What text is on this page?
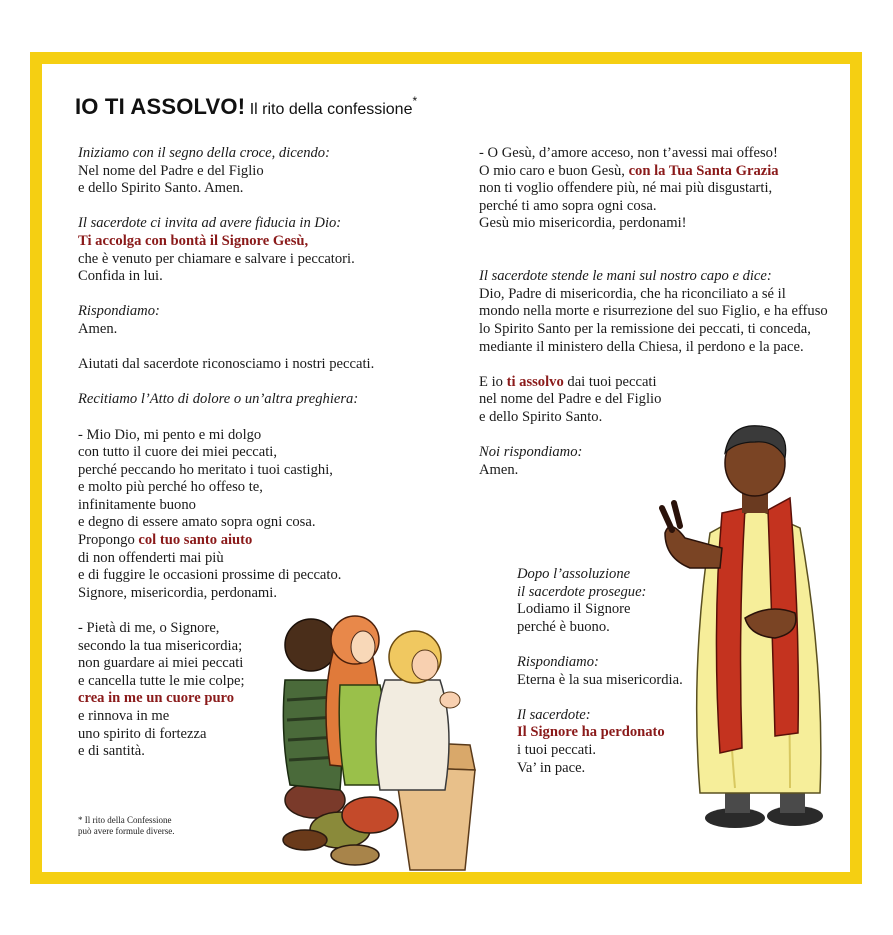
IO TI ASSOLVO! Il rito della confessione*
Iniziamo con il segno della croce, dicendo:
Nel nome del Padre e del Figlio
e dello Spirito Santo. Amen.
Il sacerdote ci invita ad avere fiducia in Dio:
Ti accolga con bontà il Signore Gesù,
che è venuto per chiamare e salvare i peccatori.
Confida in lui.
Rispondiamo:
Amen.
Aiutati dal sacerdote riconosciamo i nostri peccati.
Recitiamo l’Atto di dolore o un’altra preghiera:
- Mio Dio, mi pento e mi dolgo
con tutto il cuore dei miei peccati,
perché peccando ho meritato i tuoi castighi,
e molto più perché ho offeso te,
infinitamente buono
e degno di essere amato sopra ogni cosa.
Propongo col tuo santo aiuto
di non offenderti mai più
e di fuggire le occasioni prossime di peccato.
Signore, misericordia, perdonami.
- Pietà di me, o Signore,
secondo la tua misericordia;
non guardare ai miei peccati
e cancella tutte le mie colpe;
crea in me un cuore puro
e rinnova in me
uno spirito di fortezza
e di santità.
* Il rito della Confessione
può avere formule diverse.
- O Gesù, d’amore acceso, non t’avessi mai offeso!
O mio caro e buon Gesù, con la Tua Santa Grazia
non ti voglio offendere più, né mai più disgustarti,
perché ti amo sopra ogni cosa.
Gesù mio misericordia, perdonami!
Il sacerdote stende le mani sul nostro capo e dice:
Dio, Padre di misericordia, che ha riconciliato a sé il
mondo nella morte e risurrezione del suo Figlio, e ha effuso
lo Spirito Santo per la remissione dei peccati, ti conceda,
mediante il ministero della Chiesa, il perdono e la pace.
E io ti assolvo dai tuoi peccati
nel nome del Padre e del Figlio
e dello Spirito Santo.
Noi rispondiamo:
Amen.
Dopo l’assoluzione
il sacerdote prosegue:
Lodiamo il Signore
perché è buono.
Rispondiamo:
Eterna è la sua misericordia.
Il sacerdote:
Il Signore ha perdonato
i tuoi peccati.
Va’ in pace.
